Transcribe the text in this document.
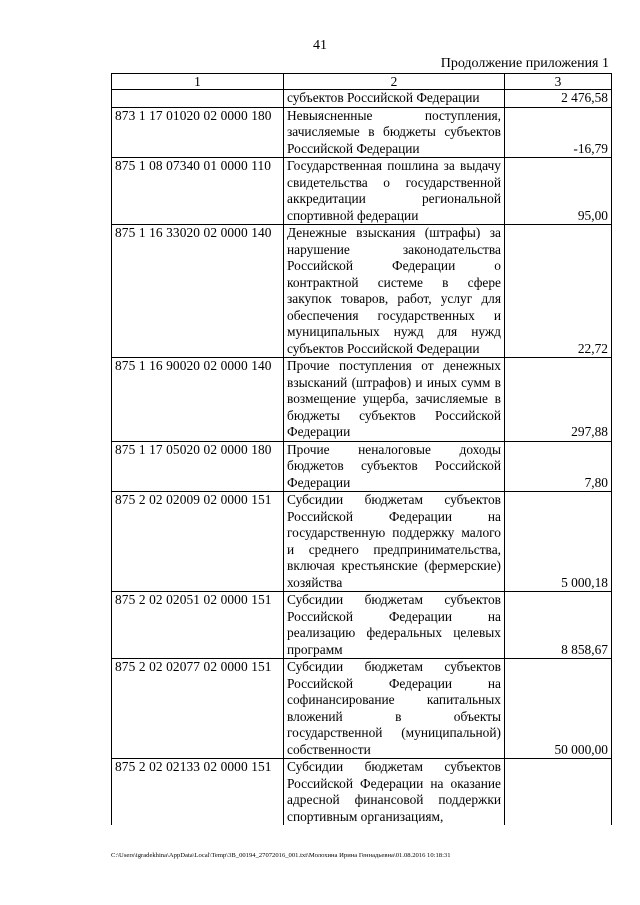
41
Продолжение приложения 1
1	2	3
	субъектов Российской Федерации	2 476,58
873 1 17 01020 02 0000 180	Невыясненные поступления, зачисляемые в бюджеты субъектов Российской Федерации	-16,79
875 1 08 07340 01 0000 110	Государственная пошлина за выдачу свидетельства о государственной аккредитации региональной спортивной федерации	95,00
875 1 16 33020 02 0000 140	Денежные взыскания (штрафы) за нарушение законодательства Российской Федерации о контрактной системе в сфере закупок товаров, работ, услуг для обеспечения государственных и муниципальных нужд для нужд субъектов Российской Федерации	22,72
875 1 16 90020 02 0000 140	Прочие поступления от денежных взысканий (штрафов) и иных сумм в возмещение ущерба, зачисляемые в бюджеты субъектов Российской Федерации	297,88
875 1 17 05020 02 0000 180	Прочие неналоговые доходы бюджетов субъектов Российской Федерации	7,80
875 2 02 02009 02 0000 151	Субсидии бюджетам субъектов Российской Федерации на государственную поддержку малого и среднего предпринимательства, включая крестьянские (фермерские) хозяйства	5 000,18
875 2 02 02051 02 0000 151	Субсидии бюджетам субъектов Российской Федерации на реализацию федеральных целевых программ	8 858,67
875 2 02 02077 02 0000 151	Субсидии бюджетам субъектов Российской Федерации на софинансирование капитальных вложений в объекты государственной (муниципальной) собственности	50 000,00
875 2 02 02133 02 0000 151	Субсидии бюджетам субъектов Российской Федерации на оказание адресной финансовой поддержки спортивным организациям,	
C:\Users\igradekhina\AppData\Local\Temp\3B_00194_27072016_001.txt\Молохина Ирина Геннадьевна\01.08.2016 10:18:31
